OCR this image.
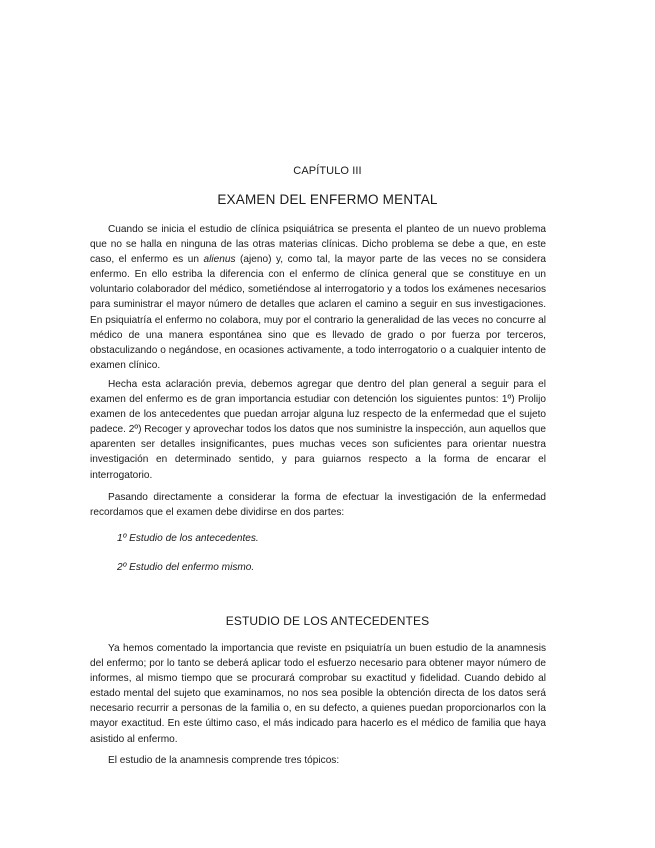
CAPÍTULO III
EXAMEN DEL ENFERMO MENTAL

Cuando se inicia el estudio de clínica psiquiátrica se presenta el planteo de un nuevo problema que no se halla en ninguna de las otras materias clínicas. Dicho problema se debe a que, en este caso, el enfermo es un alienus (ajeno) y, como tal, la mayor parte de las veces no se considera enfermo. En ello estriba la diferencia con el enfermo de clínica general que se constituye en un voluntario colaborador del médico, sometiéndose al interrogatorio y a todos los exámenes necesarios para suministrar el mayor número de detalles que aclaren el camino a seguir en sus investigaciones. En psiquiatría el enfermo no colabora, muy por el contrario la generalidad de las veces no concurre al médico de una manera espontánea sino que es llevado de grado o por fuerza por terceros, obstaculizando o negándose, en ocasiones activamente, a todo interrogatorio o a cualquier intento de examen clínico.

Hecha esta aclaración previa, debemos agregar que dentro del plan general a seguir para el examen del enfermo es de gran importancia estudiar con detención los siguientes puntos: 1º) Prolijo examen de los antecedentes que puedan arrojar alguna luz respecto de la enfermedad que el sujeto padece. 2º) Recoger y aprovechar todos los datos que nos suministre la inspección, aun aquellos que aparenten ser detalles insignificantes, pues muchas veces son suficientes para orientar nuestra investigación en determinado sentido, y para guiarnos respecto a la forma de encarar el interrogatorio.

Pasando directamente a considerar la forma de efectuar la investigación de la enfermedad recordamos que el examen debe dividirse en dos partes:

1º Estudio de los antecedentes.

2º Estudio del enfermo mismo.

ESTUDIO DE LOS ANTECEDENTES

Ya hemos comentado la importancia que reviste en psiquiatría un buen estudio de la anamnesis del enfermo; por lo tanto se deberá aplicar todo el esfuerzo necesario para obtener mayor número de informes, al mismo tiempo que se procurará comprobar su exactitud y fidelidad. Cuando debido al estado mental del sujeto que examinamos, no nos sea posible la obtención directa de los datos será necesario recurrir a personas de la familia o, en su defecto, a quienes puedan proporcionarlos con la mayor exactitud. En este último caso, el más indicado para hacerlo es el médico de familia que haya asistido al enfermo.

El estudio de la anamnesis comprende tres tópicos:
